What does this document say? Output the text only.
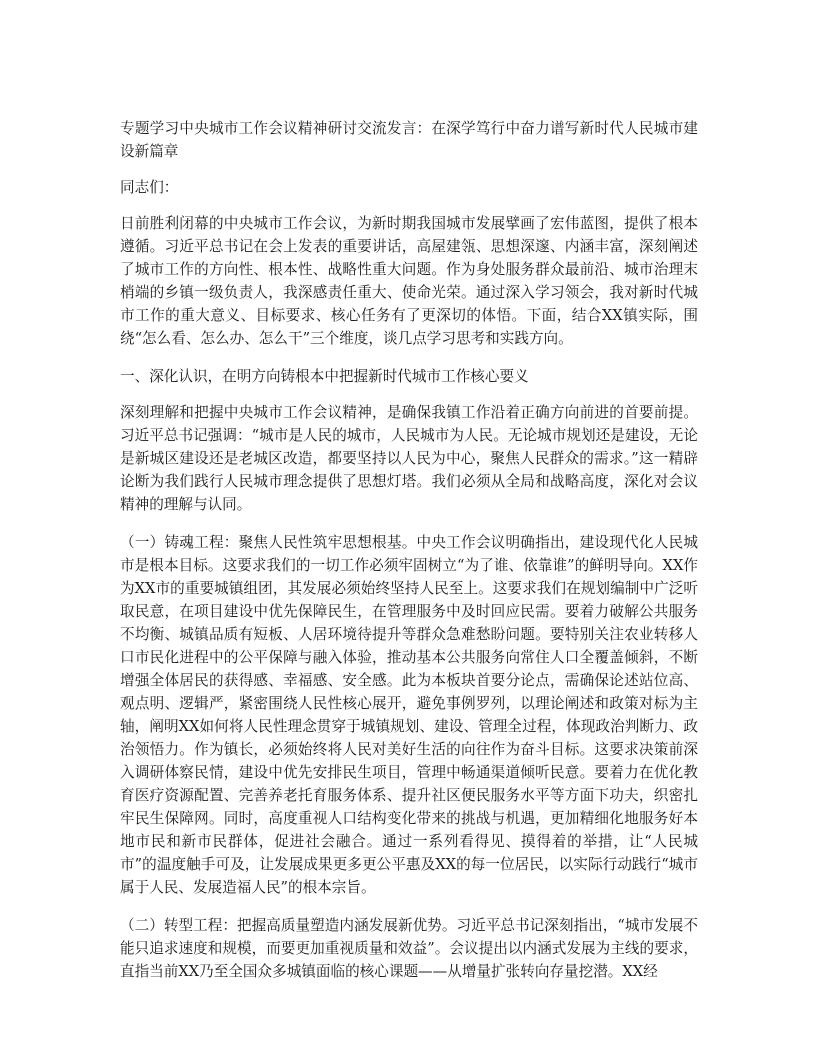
专题学习中央城市工作会议精神研讨交流发言：在深学笃行中奋力谱写新时代人民城市建设新篇章

同志们：

日前胜利闭幕的中央城市工作会议，为新时期我国城市发展擘画了宏伟蓝图，提供了根本遵循。习近平总书记在会上发表的重要讲话，高屋建瓴、思想深邃、内涵丰富，深刻阐述了城市工作的方向性、根本性、战略性重大问题。作为身处服务群众最前沿、城市治理末梢端的乡镇一级负责人，我深感责任重大、使命光荣。通过深入学习领会，我对新时代城市工作的重大意义、目标要求、核心任务有了更深切的体悟。下面，结合XX镇实际，围绕“怎么看、怎么办、怎么干”三个维度，谈几点学习思考和实践方向。

一、深化认识，在明方向铸根本中把握新时代城市工作核心要义

深刻理解和把握中央城市工作会议精神，是确保我镇工作沿着正确方向前进的首要前提。习近平总书记强调：“城市是人民的城市，人民城市为人民。无论城市规划还是建设，无论是新城区建设还是老城区改造，都要坚持以人民为中心，聚焦人民群众的需求。”这一精辟论断为我们践行人民城市理念提供了思想灯塔。我们必须从全局和战略高度，深化对会议精神的理解与认同。

（一）铸魂工程：聚焦人民性筑牢思想根基。中央工作会议明确指出，建设现代化人民城市是根本目标。这要求我们的一切工作必须牢固树立“为了谁、依靠谁”的鲜明导向。XX作为XX市的重要城镇组团，其发展必须始终坚持人民至上。这要求我们在规划编制中广泛听取民意，在项目建设中优先保障民生，在管理服务中及时回应民需。要着力破解公共服务不均衡、城镇品质有短板、人居环境待提升等群众急难愁盼问题。要特别关注农业转移人口市民化进程中的公平保障与融入体验，推动基本公共服务向常住人口全覆盖倾斜，不断增强全体居民的获得感、幸福感、安全感。此为本板块首要分论点，需确保论述站位高、观点明、逻辑严，紧密围绕人民性核心展开，避免事例罗列，以理论阐述和政策对标为主轴，阐明XX如何将人民性理念贯穿于城镇规划、建设、管理全过程，体现政治判断力、政治领悟力。作为镇长，必须始终将人民对美好生活的向往作为奋斗目标。这要求决策前深入调研体察民情，建设中优先安排民生项目，管理中畅通渠道倾听民意。要着力在优化教育医疗资源配置、完善养老托育服务体系、提升社区便民服务水平等方面下功夫，织密扎牢民生保障网。同时，高度重视人口结构变化带来的挑战与机遇，更加精细化地服务好本地市民和新市民群体，促进社会融合。通过一系列看得见、摸得着的举措，让“人民城市”的温度触手可及，让发展成果更多更公平惠及XX的每一位居民，以实际行动践行“城市属于人民、发展造福人民”的根本宗旨。

（二）转型工程：把握高质量塑造内涵发展新优势。习近平总书记深刻指出，“城市发展不能只追求速度和规模，而要更加重视质量和效益”。会议提出以内涵式发展为主线的要求，直指当前XX乃至全国众多城镇面临的核心课题——从增量扩张转向存量挖潜。XX经
